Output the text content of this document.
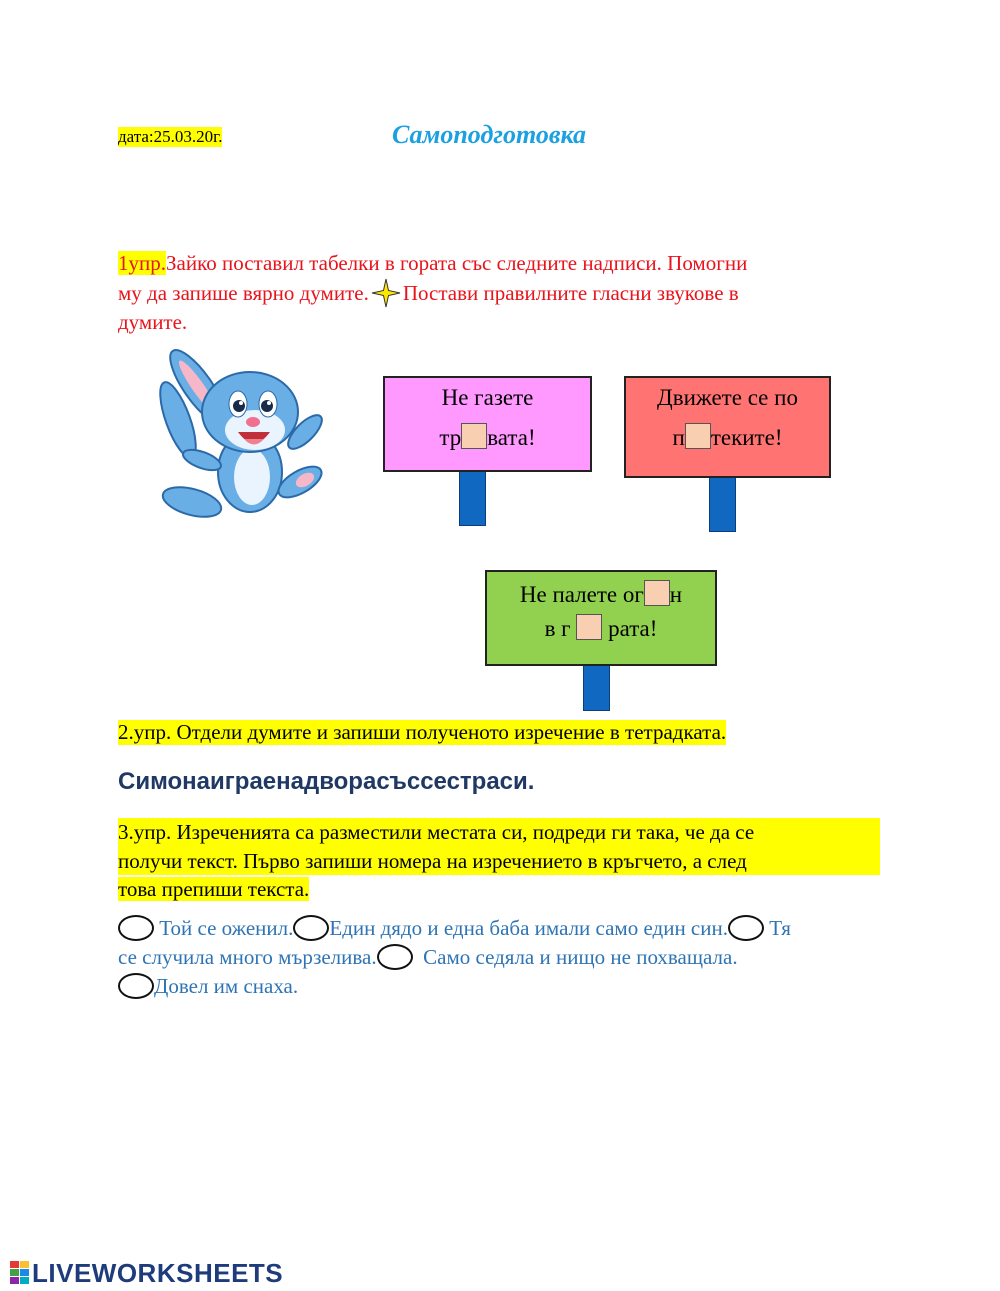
дата:25.03.20г.	Самоподготовка
1упр.Зайко поставил табелки в гората със следните надписи. Помогни
му да запише вярно думите. Постави правилните гласни звукове в
думите.
Не газете
тр вата!
Движете се по
п теките!
Не палете ог н
в г рата!
2.упр. Отдели думите и запиши полученото изречение в тетрадката.
Симонаиграенадворасъссестраси.
3.упр. Изреченията са разместили местата си, подреди ги така, че да се
получи текст. Първо запиши номера на изречението в кръгчето, а след
това препиши текста.
Той се оженил. Един дядо и една баба имали само един син. Тя
се случила много мързелива. Само седяла и нищо не похващала.
Довел им снаха.
LIVEWORKSHEETS
